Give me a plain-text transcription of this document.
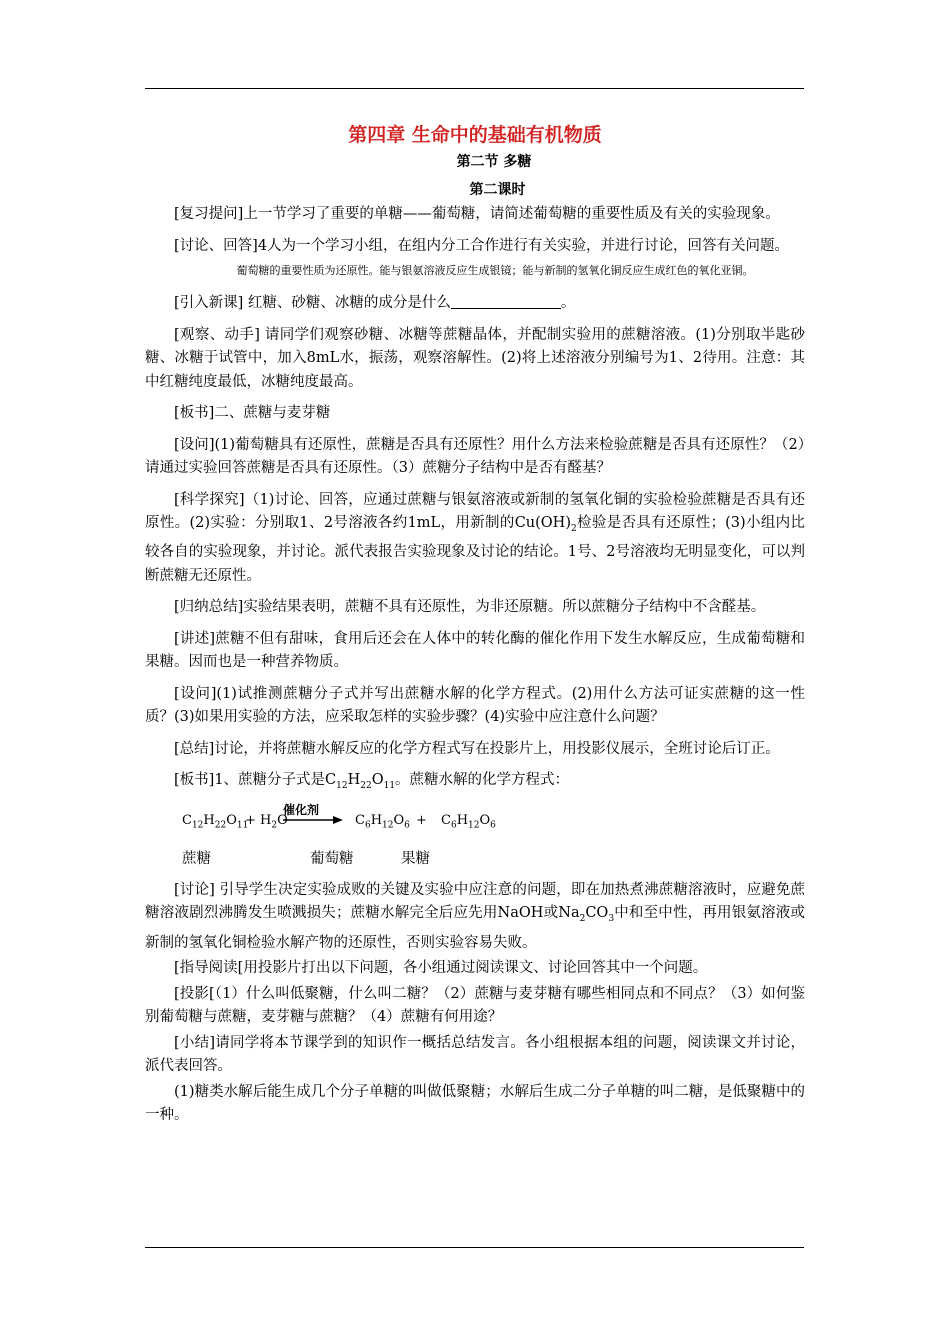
第四章 生命中的基础有机物质
第二节 多糖
第二课时

[复习提问]上一节学习了重要的单糖——葡萄糖，请简述葡萄糖的重要性质及有关的实验现象。

[讨论、回答]4人为一个学习小组，在组内分工合作进行有关实验，并进行讨论，回答有关问题。

葡萄糖的重要性质为还原性。能与银氨溶液反应生成银镜；能与新制的氢氧化铜反应生成红色的氧化亚铜。

[引入新课] 红糖、砂糖、冰糖的成分是什么	。

[观察、动手] 请同学们观察砂糖、冰糖等蔗糖晶体，并配制实验用的蔗糖溶液。(1)分别取半匙砂糖、冰糖于试管中，加入8mL水，振荡，观察溶解性。(2)将上述溶液分别编号为1、2待用。注意：其中红糖纯度最低，冰糖纯度最高。

[板书]二、蔗糖与麦芽糖

[设问](1)葡萄糖具有还原性，蔗糖是否具有还原性？用什么方法来检验蔗糖是否具有还原性？（2）请通过实验回答蔗糖是否具有还原性。（3）蔗糖分子结构中是否有醛基？

[科学探究]（1)讨论、回答，应通过蔗糖与银氨溶液或新制的氢氧化铜的实验检验蔗糖是否具有还原性。(2)实验：分别取1、2号溶液各约1mL，用新制的$Cu(OH)_2$检验是否具有还原性；(3)小组内比较各自的实验现象，并讨论。派代表报告实验现象及讨论的结论。1号、2号溶液均无明显变化，可以判断蔗糖无还原性。

[归纳总结]实验结果表明，蔗糖不具有还原性，为非还原糖。所以蔗糖分子结构中不含醛基。

[讲述]蔗糖不但有甜味，食用后还会在人体中的转化酶的催化作用下发生水解反应，生成葡萄糖和果糖。因而也是一种营养物质。

[设问](1)试推测蔗糖分子式并写出蔗糖水解的化学方程式。(2)用什么方法可证实蔗糖的这一性质？(3)如果用实验的方法，应采取怎样的实验步骤？(4)实验中应注意什么问题？

[总结]讨论，并将蔗糖水解反应的化学方程式写在投影片上，用投影仪展示，全班讨论后订正。

[板书]1、蔗糖分子式是$C_{12}H_{22}O_{11}$。蔗糖水解的化学方程式：

$C_{12}H_{22}O_{11}$
+ $H_2O$
催化剂
$C_6H_{12}O_6 + C_6H_{12}O_6$
蔗糖	葡萄糖	果糖

[讨论] 引导学生决定实验成败的关键及实验中应注意的问题，即在加热煮沸蔗糖溶液时，应避免蔗糖溶液剧烈沸腾发生喷溅损失；蔗糖水解完全后应先用NaOH或$Na_2CO_3$中和至中性，再用银氨溶液或新制的氢氧化铜检验水解产物的还原性，否则实验容易失败。

[指导阅读[用投影片打出以下问题，各小组通过阅读课文、讨论回答其中一个问题。

[投影[（1）什么叫低聚糖，什么叫二糖？（2）蔗糖与麦芽糖有哪些相同点和不同点？（3）如何鉴别葡萄糖与蔗糖，麦芽糖与蔗糖？（4）蔗糖有何用途？

[小结]请同学将本节课学到的知识作一概括总结发言。各小组根据本组的问题，阅读课文并讨论，派代表回答。

(1)糖类水解后能生成几个分子单糖的叫做低聚糖；水解后生成二分子单糖的叫二糖，是低聚糖中的一种。
